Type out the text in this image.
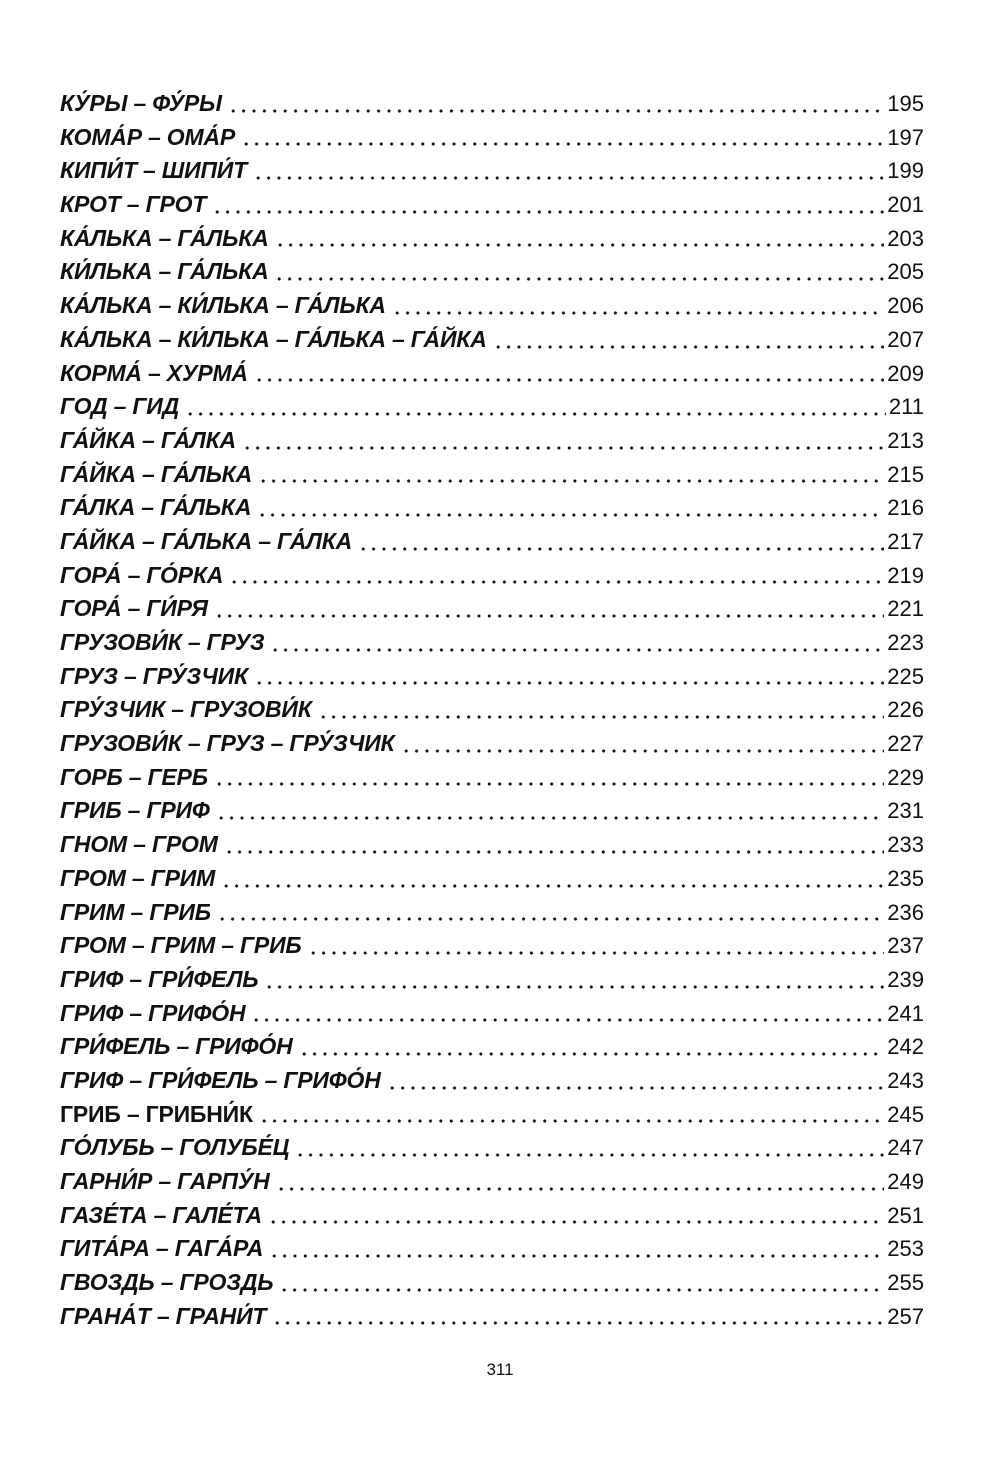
КУ́РЫ – ФУ́РЫ	195
КОМА́Р – ОМА́Р	197
КИПИ́Т – ШИПИ́Т	199
КРОТ – ГРОТ	201
КА́ЛЬКА – ГА́ЛЬКА	203
КИ́ЛЬКА – ГА́ЛЬКА	205
КА́ЛЬКА – КИ́ЛЬКА – ГА́ЛЬКА	206
КА́ЛЬКА – КИ́ЛЬКА – ГА́ЛЬКА – ГА́ЙКА	207
КОРМА́ – ХУРМА́	209
ГОД – ГИД	211
ГА́ЙКА – ГА́ЛКА	213
ГА́ЙКА – ГА́ЛЬКА	215
ГА́ЛКА – ГА́ЛЬКА	216
ГА́ЙКА – ГА́ЛЬКА – ГА́ЛКА	217
ГОРА́ – ГО́РКА	219
ГОРА́ – ГИ́РЯ	221
ГРУЗОВИ́К – ГРУЗ	223
ГРУЗ – ГРУ́ЗЧИК	225
ГРУ́ЗЧИК – ГРУЗОВИ́К	226
ГРУЗОВИ́К – ГРУЗ – ГРУ́ЗЧИК	227
ГОРБ – ГЕРБ	229
ГРИБ – ГРИФ	231
ГНОМ – ГРОМ	233
ГРОМ – ГРИМ	235
ГРИМ – ГРИБ	236
ГРОМ – ГРИМ – ГРИБ	237
ГРИФ – ГРИ́ФЕЛЬ	239
ГРИФ – ГРИФО́Н	241
ГРИ́ФЕЛЬ – ГРИФО́Н	242
ГРИФ – ГРИ́ФЕЛЬ – ГРИФО́Н	243
ГРИБ – ГРИБНИ́К	245
ГО́ЛУБЬ – ГОЛУБЕ́Ц	247
ГАРНИ́Р – ГАРПУ́Н	249
ГАЗЕ́ТА – ГАЛЕ́ТА	251
ГИТА́РА – ГАГА́РА	253
ГВОЗДЬ – ГРОЗДЬ	255
ГРАНА́Т – ГРАНИ́Т	257
311
